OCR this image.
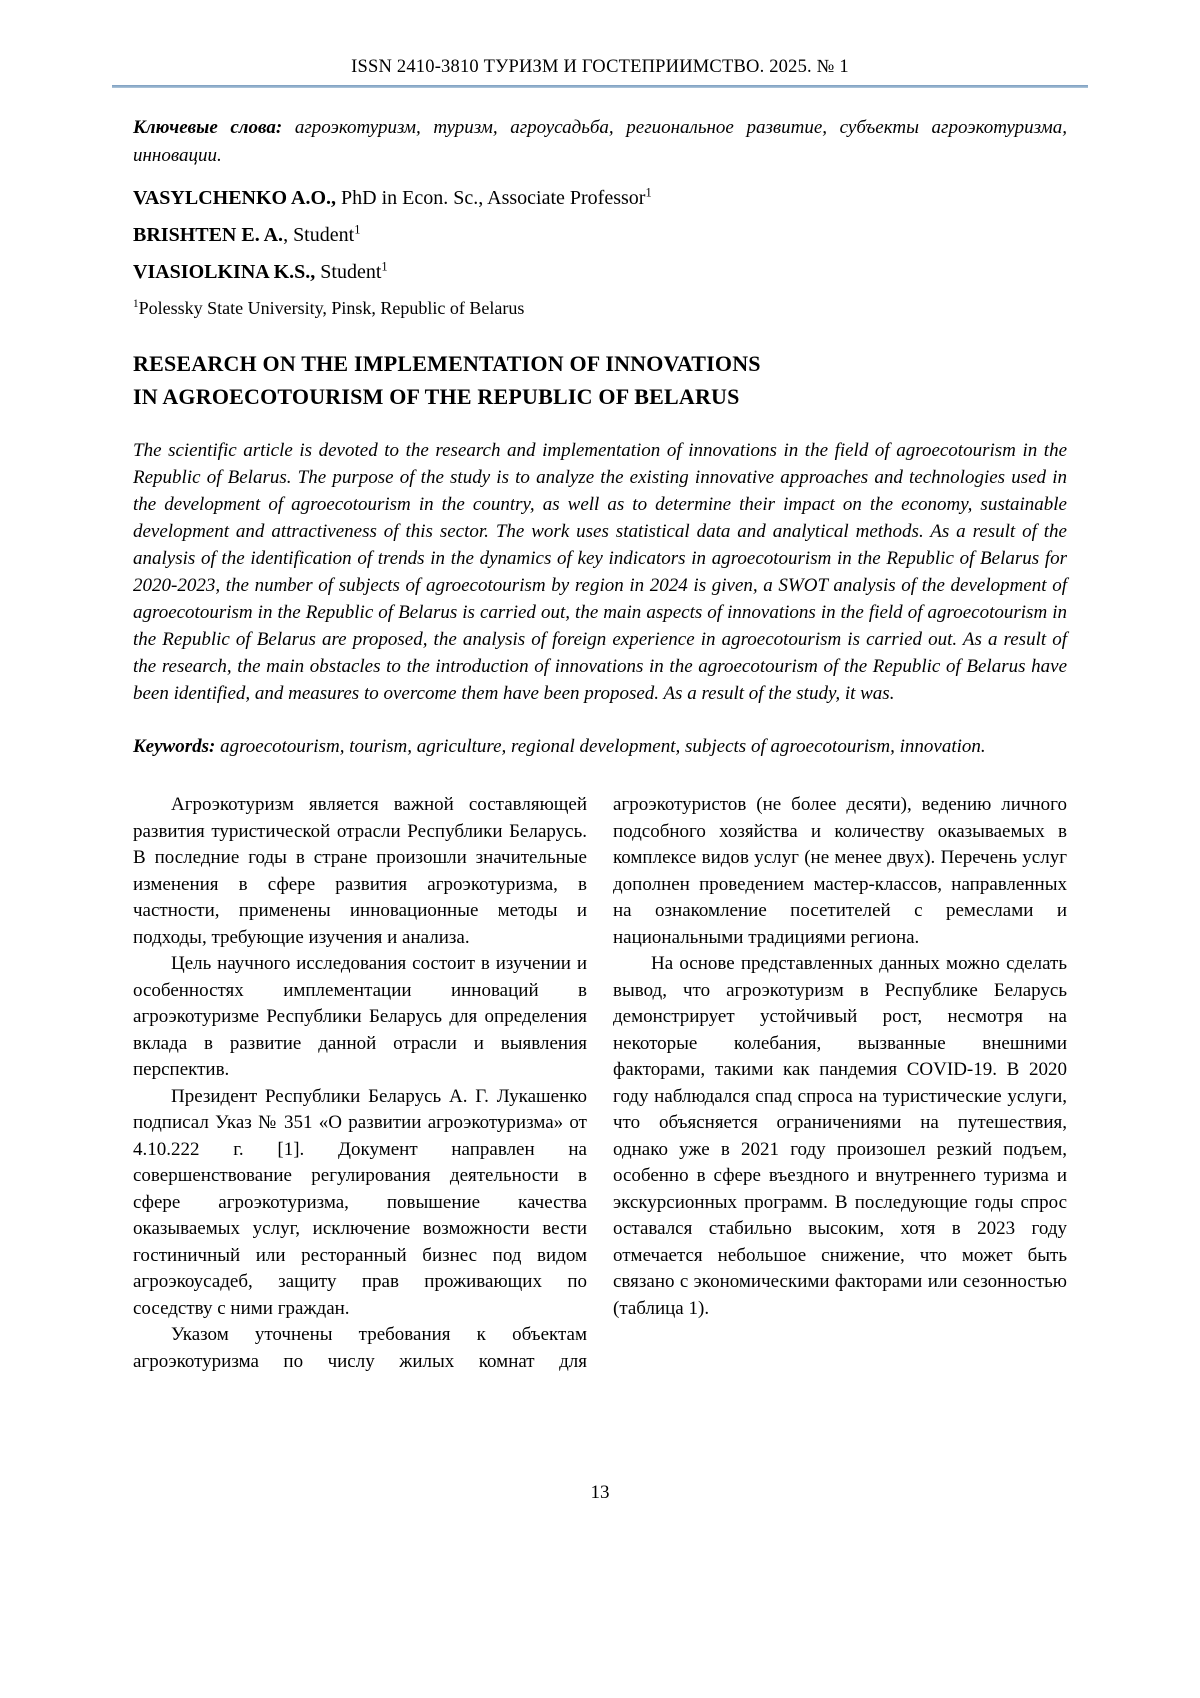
ISSN 2410-3810 ТУРИЗМ И ГОСТЕПРИИМСТВО. 2025. № 1

Ключевые слова: агроэкотуризм, туризм, агроусадьба, региональное развитие, субъекты агроэкотуризма, инновации.

VASYLCHENKO A.O., PhD in Econ. Sc., Associate Professor$^1$

BRISHTEN E. A., Student$^1$

VIASIOLKINA K.S., Student$^1$

$^1$Polessky State University, Pinsk, Republic of Belarus

RESEARCH ON THE IMPLEMENTATION OF INNOVATIONS
IN AGROECOTOURISM OF THE REPUBLIC OF BELARUS

The scientific article is devoted to the research and implementation of innovations in the field of agroecotourism in the Republic of Belarus. The purpose of the study is to analyze the existing innovative approaches and technologies used in the development of agroecotourism in the country, as well as to determine their impact on the economy, sustainable development and attractiveness of this sector. The work uses statistical data and analytical methods. As a result of the analysis of the identification of trends in the dynamics of key indicators in agroecotourism in the Republic of Belarus for 2020-2023, the number of subjects of agroecotourism by region in 2024 is given, a SWOT analysis of the development of agroecotourism in the Republic of Belarus is carried out, the main aspects of innovations in the field of agroecotourism in the Republic of Belarus are proposed, the analysis of foreign experience in agroecotourism is carried out. As a result of the research, the main obstacles to the introduction of innovations in the agroecotourism of the Republic of Belarus have been identified, and measures to overcome them have been proposed. As a result of the study, it was.

Keywords: agroecotourism, tourism, agriculture, regional development, subjects of agroecotourism, innovation.

Агроэкотуризм является важной составляющей развития туристической отрасли Республики Беларусь. В последние годы в стране произошли значительные изменения в сфере развития агроэкотуризма, в частности, применены инновационные методы и подходы, требующие изучения и анализа.

Цель научного исследования состоит в изучении и особенностях имплементации инноваций в агроэкотуризме Республики Беларусь для определения вклада в развитие данной отрасли и выявления перспектив.

Президент Республики Беларусь А. Г. Лукашенко подписал Указ № 351 «О развитии агроэкотуризма» от 4.10.222 г. [1]. Документ направлен на совершенствование регулирования деятельности в сфере агроэкотуризма, повышение качества оказываемых услуг, исключение возможности вести гостиничный или ресторанный бизнес под видом агроэкоусадеб, защиту прав проживающих по соседству с ними граждан.

Указом уточнены требования к объектам агроэкотуризма по числу жилых комнат для

агроэкотуристов (не более десяти), ведению личного подсобного хозяйства и количеству оказываемых в комплексе видов услуг (не менее двух). Перечень услуг дополнен проведением мастер-классов, направленных на ознакомление посетителей с ремеслами и национальными традициями региона.

На основе представленных данных можно сделать вывод, что агроэкотуризм в Республике Беларусь демонстрирует устойчивый рост, несмотря на некоторые колебания, вызванные внешними факторами, такими как пандемия COVID-19. В 2020 году наблюдался спад спроса на туристические услуги, что объясняется ограничениями на путешествия, однако уже в 2021 году произошел резкий подъем, особенно в сфере въездного и внутреннего туризма и экскурсионных программ. В последующие годы спрос оставался стабильно высоким, хотя в 2023 году отмечается небольшое снижение, что может быть связано с экономическими факторами или сезонностью (таблица 1).

13
